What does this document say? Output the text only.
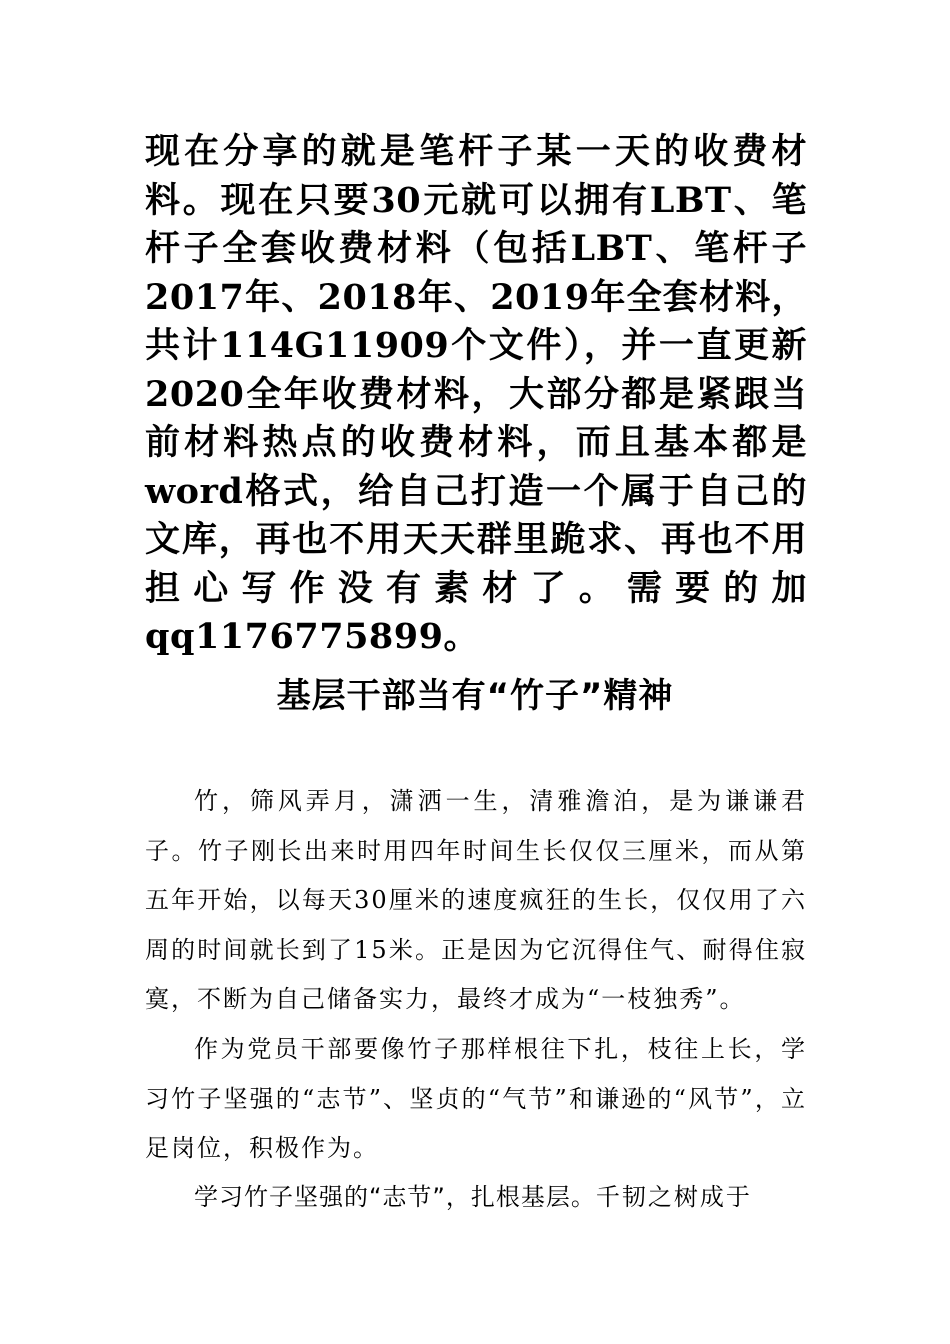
现在分享的就是笔杆子某一天的收费材料。现在只要30元就可以拥有LBT、笔杆子全套收费材料（包括LBT、笔杆子2017年、2018年、2019年全套材料，共计114G11909个文件），并一直更新2020全年收费材料，大部分都是紧跟当前材料热点的收费材料，而且基本都是word格式，给自己打造一个属于自己的文库，再也不用天天群里跪求、再也不用担心写作没有素材了。需要的加qq1176775899。

基层干部当有“竹子”精神

竹，筛风弄月，潇洒一生，清雅澹泊，是为谦谦君子。竹子刚长出来时用四年时间生长仅仅三厘米，而从第五年开始，以每天30厘米的速度疯狂的生长，仅仅用了六周的时间就长到了15米。正是因为它沉得住气、耐得住寂寞，不断为自己储备实力，最终才成为“一枝独秀”。

作为党员干部要像竹子那样根往下扎，枝往上长，学习竹子坚强的“志节”、坚贞的“气节”和谦逊的“风节”，立足岗位，积极作为。

学习竹子坚强的“志节”，扎根基层。千韧之树成于
